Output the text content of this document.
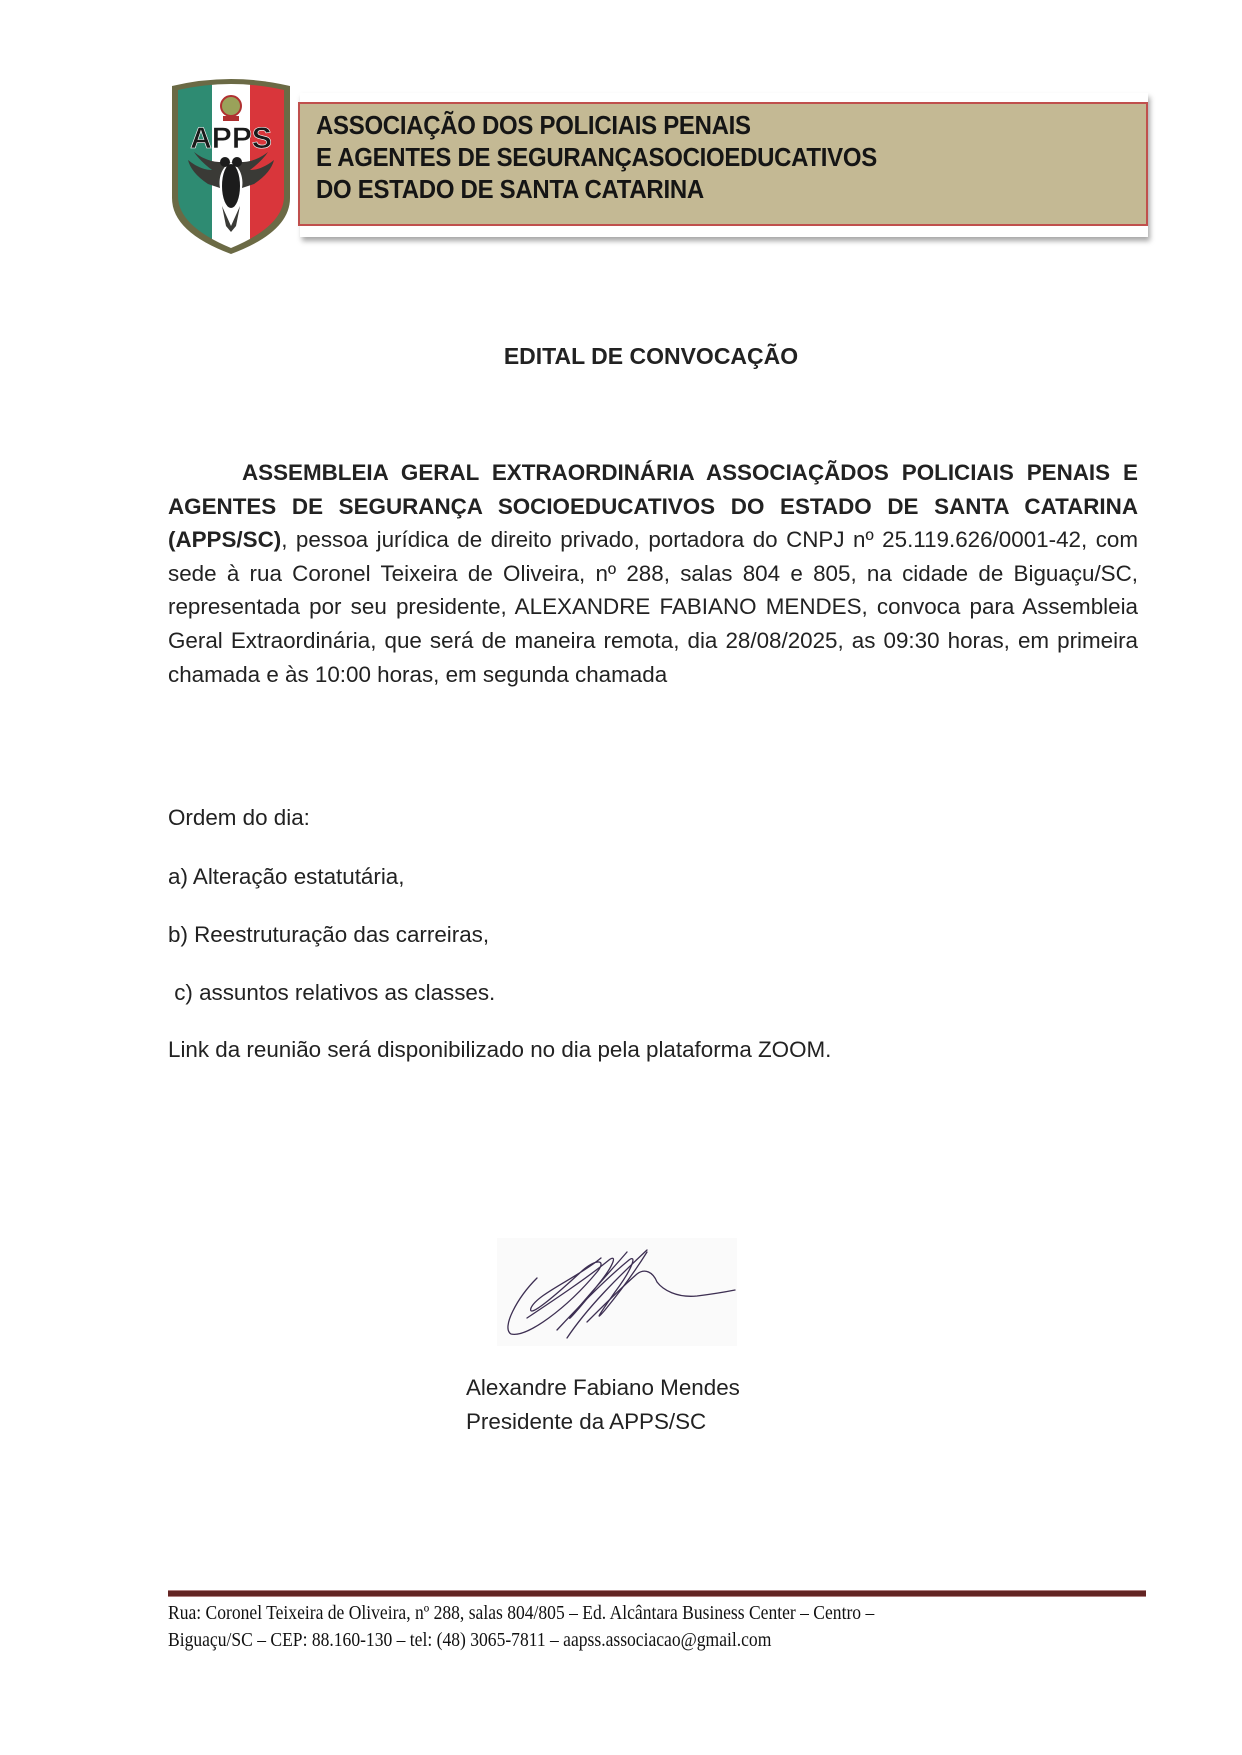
APPS ASSOCIAÇÃO DOS POLICIAIS PENAIS
E AGENTES DE SEGURANÇASOCIOEDUCATIVOS
DO ESTADO DE SANTA CATARINA
EDITAL DE CONVOCAÇÃO
ASSEMBLEIA GERAL EXTRAORDINÁRIA ASSOCIAÇÃDOS POLICIAIS PENAIS E AGENTES DE SEGURANÇA SOCIOEDUCATIVOS DO ESTADO DE SANTA CATARINA (APPS/SC), pessoa jurídica de direito privado, portadora do CNPJ nº 25.119.626/0001-42, com sede à rua Coronel Teixeira de Oliveira, nº 288, salas 804 e 805, na cidade de Biguaçu/SC, representada por seu presidente, ALEXANDRE FABIANO MENDES, convoca para Assembleia Geral Extraordinária, que será de maneira remota, dia 28/08/2025, as 09:30 horas, em primeira chamada e às 10:00 horas, em segunda chamada
Ordem do dia:
a) Alteração estatutária,
b) Reestruturação das carreiras,
c) assuntos relativos as classes.
Link da reunião será disponibilizado no dia pela plataforma ZOOM.
Alexandre Fabiano Mendes
Presidente da APPS/SC
Rua: Coronel Teixeira de Oliveira, nº 288, salas 804/805 – Ed. Alcântara Business Center – Centro –
Biguaçu/SC – CEP: 88.160-130 – tel: (48) 3065-7811 – aapss.associacao@gmail.com
